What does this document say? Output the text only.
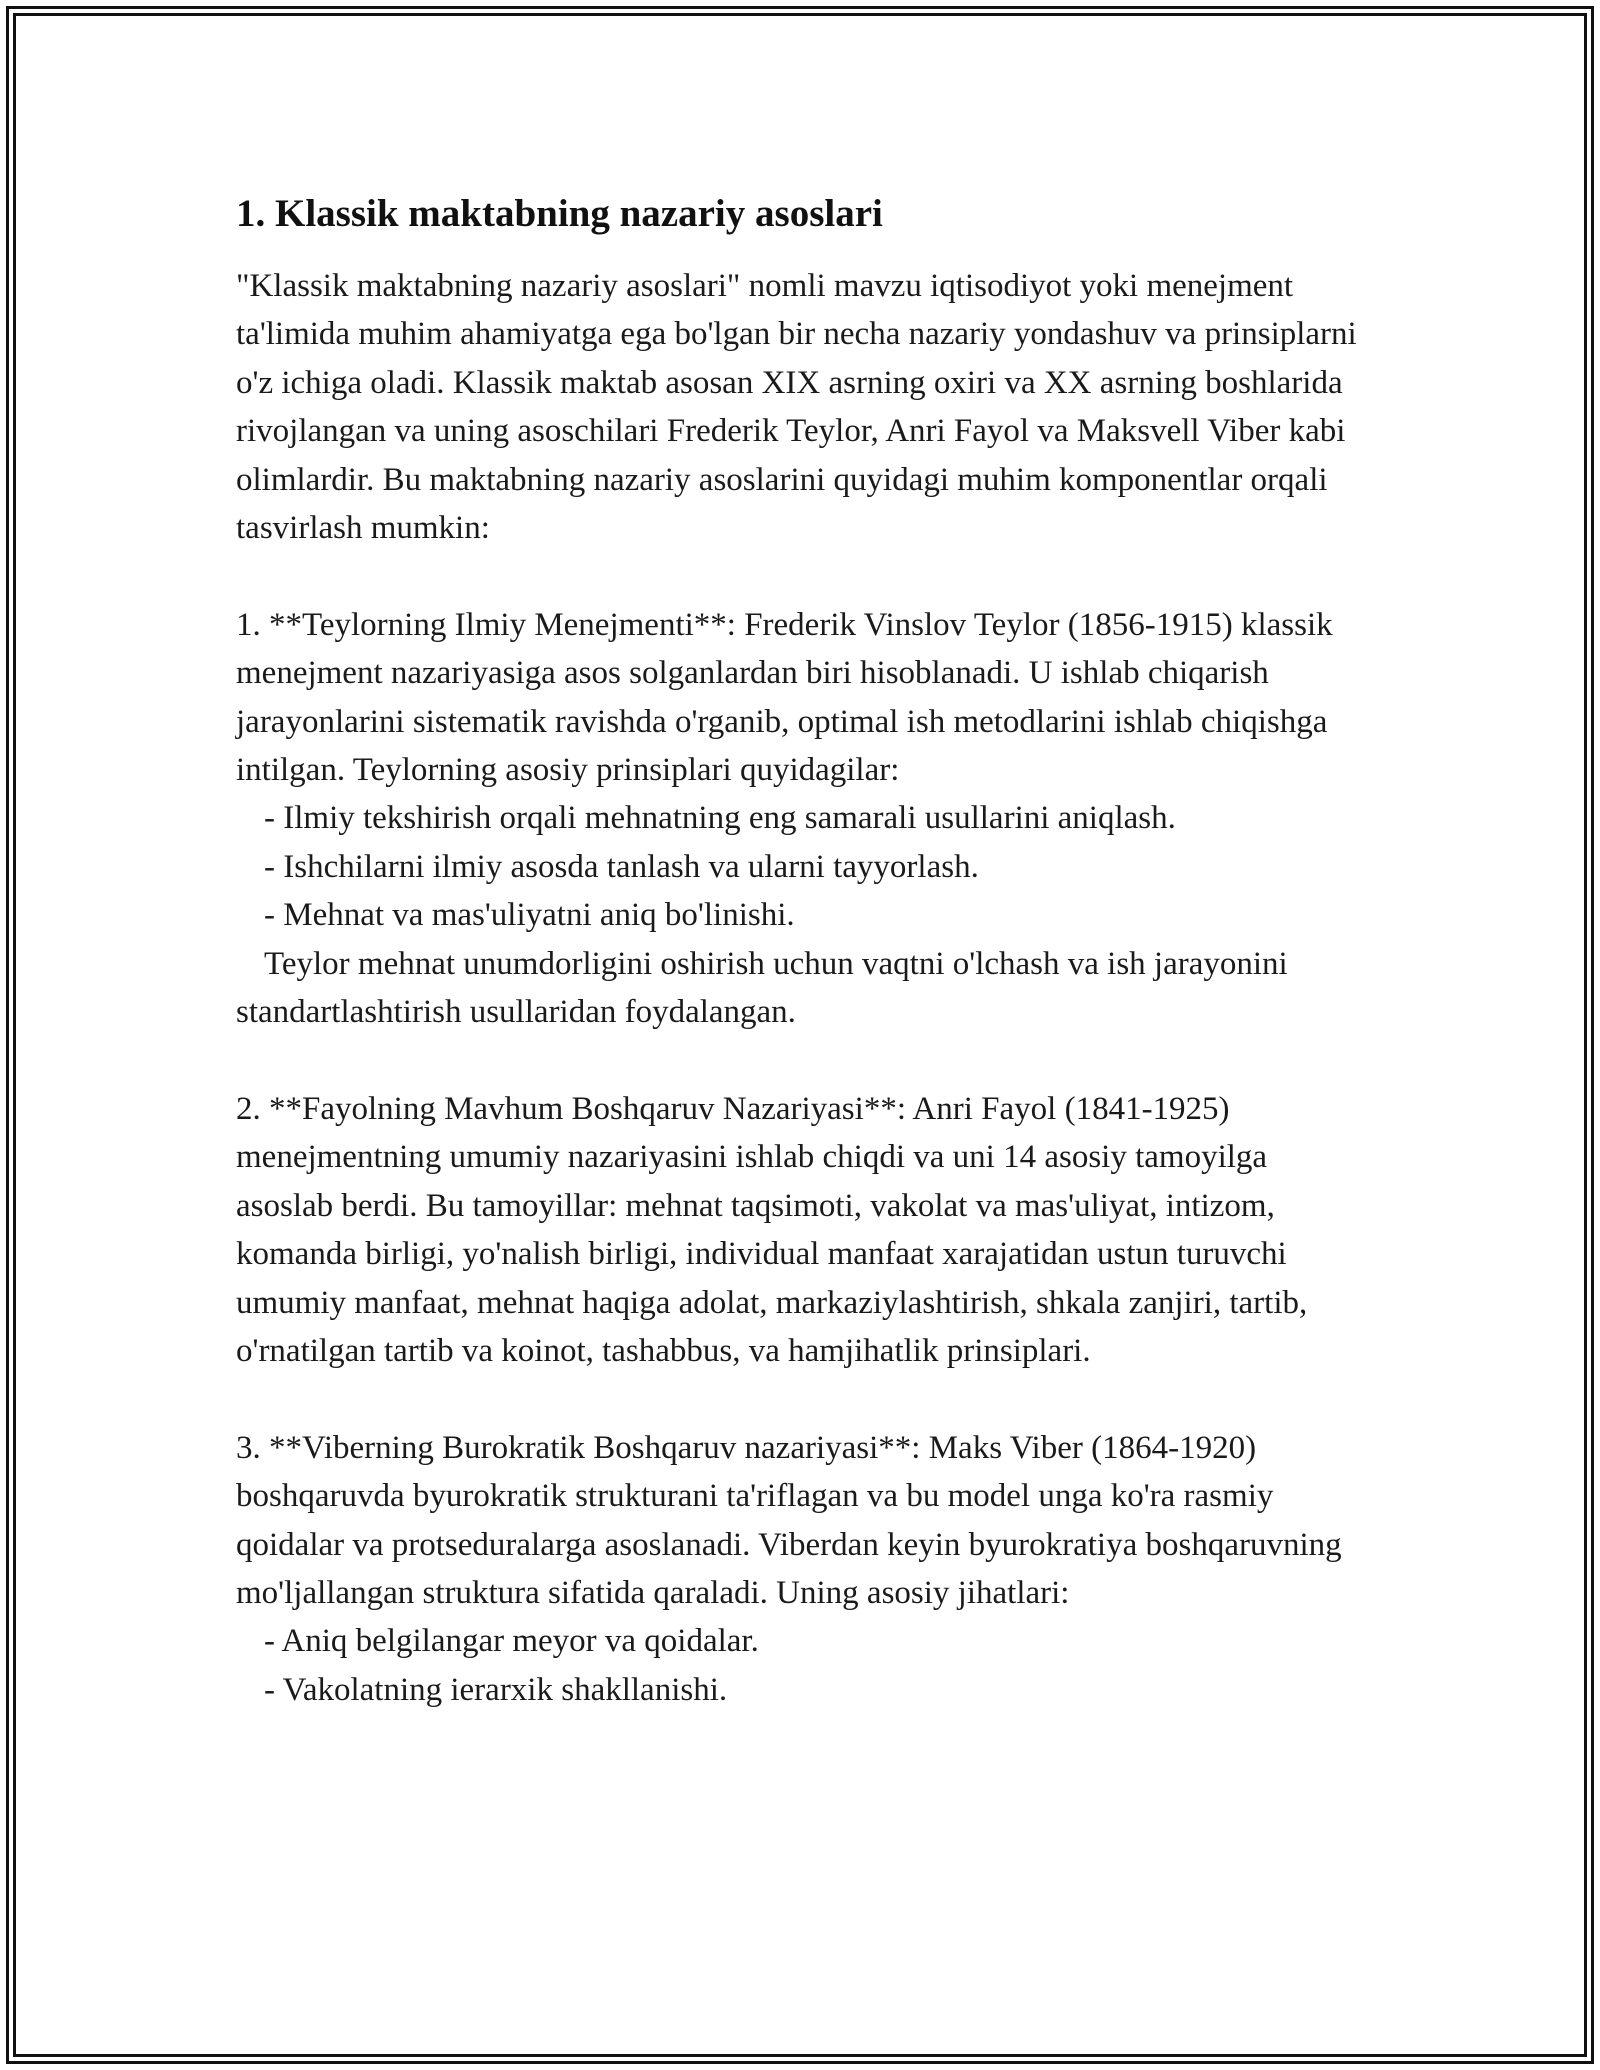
1. Klassik maktabning nazariy asoslari

"Klassik maktabning nazariy asoslari" nomli mavzu iqtisodiyot yoki menejment ta'limida muhim ahamiyatga ega bo'lgan bir necha nazariy yondashuv va prinsiplarni o'z ichiga oladi. Klassik maktab asosan XIX asrning oxiri va XX asrning boshlarida rivojlangan va uning asoschilari Frederik Teylor, Anri Fayol va Maksvell Viber kabi olimlardir. Bu maktabning nazariy asoslarini quyidagi muhim komponentlar orqali tasvirlash mumkin:

1. **Teylorning Ilmiy Menejmenti**: Frederik Vinslov Teylor (1856-1915) klassik menejment nazariyasiga asos solganlardan biri hisoblanadi. U ishlab chiqarish jarayonlarini sistematik ravishda o'rganib, optimal ish metodlarini ishlab chiqishga intilgan. Teylorning asosiy prinsiplari quyidagilar:

- Ilmiy tekshirish orqali mehnatning eng samarali usullarini aniqlash.

- Ishchilarni ilmiy asosda tanlash va ularni tayyorlash.

- Mehnat va mas'uliyatni aniq bo'linishi.

Teylor mehnat unumdorligini oshirish uchun vaqtni o'lchash va ish jarayonini standartlashtirish usullaridan foydalangan.

2. **Fayolning Mavhum Boshqaruv Nazariyasi**: Anri Fayol (1841-1925) menejmentning umumiy nazariyasini ishlab chiqdi va uni 14 asosiy tamoyilga asoslab berdi. Bu tamoyillar: mehnat taqsimoti, vakolat va mas'uliyat, intizom, komanda birligi, yo'nalish birligi, individual manfaat xarajatidan ustun turuvchi umumiy manfaat, mehnat haqiga adolat, markaziylashtirish, shkala zanjiri, tartib, o'rnatilgan tartib va koinot, tashabbus, va hamjihatlik prinsiplari.

3. **Viberning Burokratik Boshqaruv nazariyasi**: Maks Viber (1864-1920) boshqaruvda byurokratik strukturani ta'riflagan va bu model unga ko'ra rasmiy qoidalar va protseduralarga asoslanadi. Viberdan keyin byurokratiya boshqaruvning mo'ljallangan struktura sifatida qaraladi. Uning asosiy jihatlari:

- Aniq belgilangar meyor va qoidalar.

- Vakolatning ierarxik shakllanishi.
